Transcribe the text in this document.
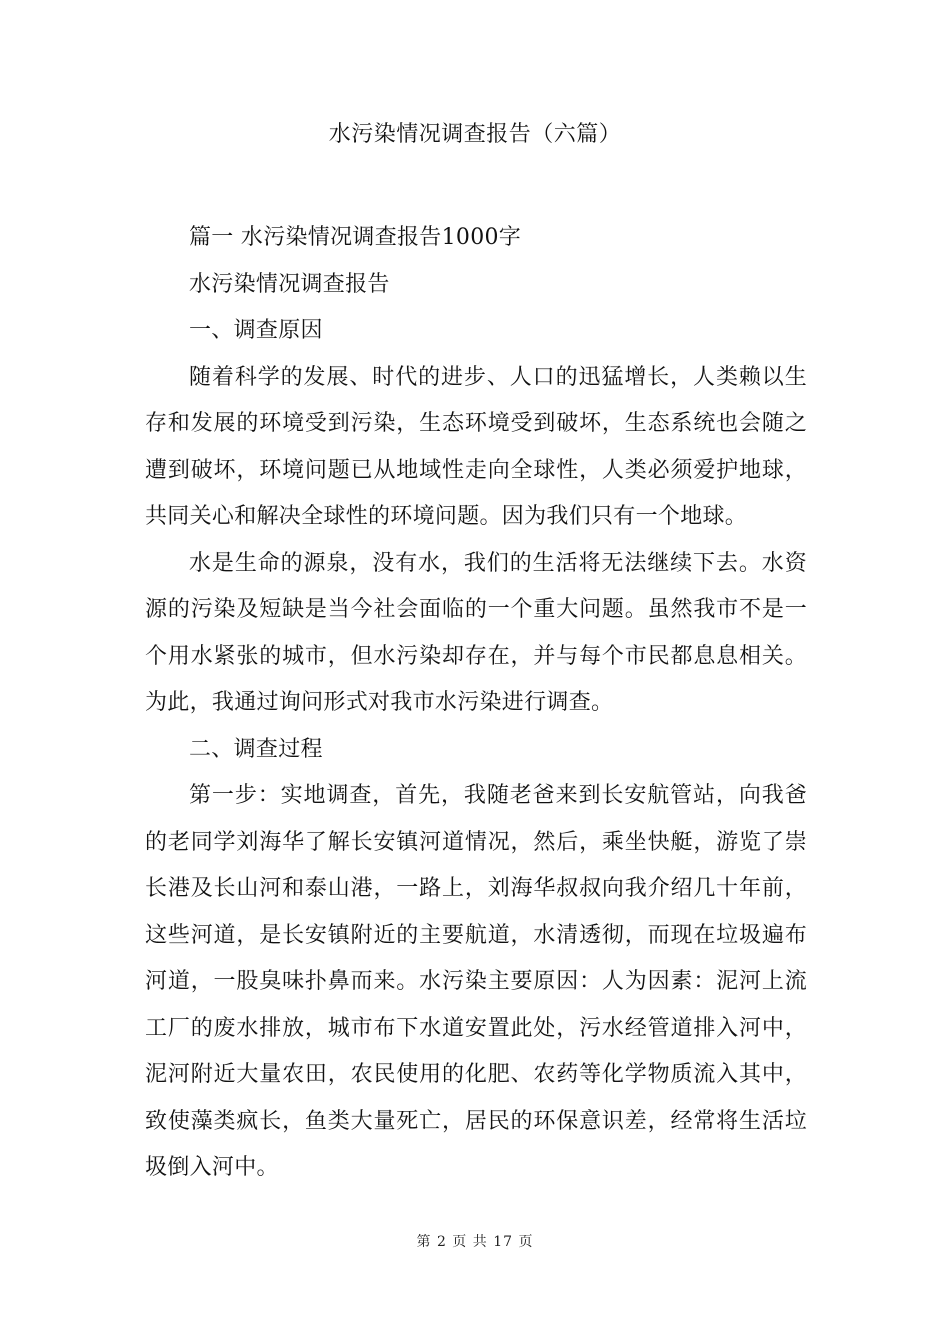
水污染情况调查报告（六篇）

篇一 水污染情况调查报告1000字

水污染情况调查报告

一、调查原因

随着科学的发展、时代的进步、人口的迅猛增长，人类赖以生存和发展的环境受到污染，生态环境受到破坏，生态系统也会随之遭到破坏，环境问题已从地域性走向全球性，人类必须爱护地球，共同关心和解决全球性的环境问题。因为我们只有一个地球。

水是生命的源泉，没有水，我们的生活将无法继续下去。水资源的污染及短缺是当今社会面临的一个重大问题。虽然我市不是一个用水紧张的城市，但水污染却存在，并与每个市民都息息相关。为此，我通过询问形式对我市水污染进行调查。

二、调查过程

第一步：实地调查，首先，我随老爸来到长安航管站，向我爸的老同学刘海华了解长安镇河道情况，然后，乘坐快艇，游览了崇长港及长山河和泰山港，一路上，刘海华叔叔向我介绍几十年前，这些河道，是长安镇附近的主要航道，水清透彻，而现在垃圾遍布河道，一股臭味扑鼻而来。水污染主要原因：人为因素：泥河上流工厂的废水排放，城市布下水道安置此处，污水经管道排入河中，泥河附近大量农田，农民使用的化肥、农药等化学物质流入其中，致使藻类疯长，鱼类大量死亡，居民的环保意识差，经常将生活垃圾倒入河中。

第 2 页 共 17 页
